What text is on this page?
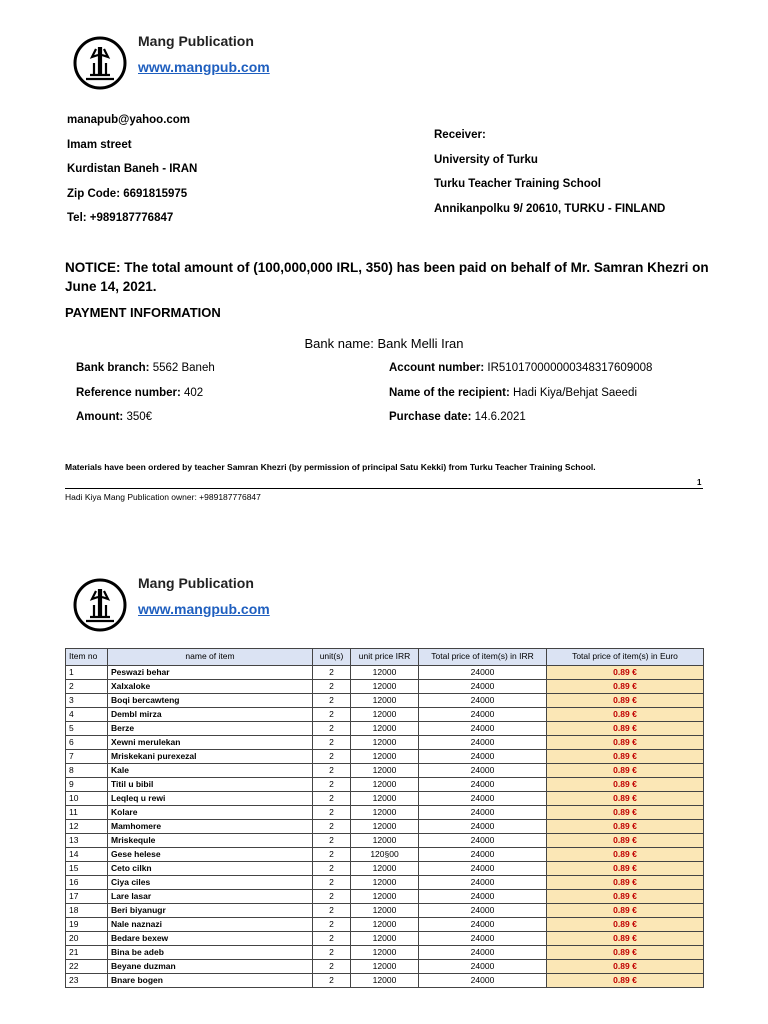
Mang Publication
www.mangpub.com
manapub@yahoo.com
Imam street
Kurdistan Baneh - IRAN
Zip Code: 6691815975
Tel: +989187776847
Receiver:
University of Turku
Turku Teacher Training School
Annikanpolku 9/ 20610, TURKU - FINLAND
NOTICE: The total amount of (100,000,000 IRL, 350) has been paid on behalf of Mr. Samran Khezri on June 14, 2021.
PAYMENT INFORMATION
Bank name: Bank Melli Iran
Bank branch: 5562 Baneh
Reference number: 402
Amount: 350€
Account number: IR510170000000348317609008
Name of the recipient: Hadi Kiya/Behjat Saeedi
Purchase date: 14.6.2021
Materials have been ordered by teacher Samran Khezri (by permission of principal Satu Kekki) from Turku Teacher Training School.
1
Hadi Kiya Mang Publication owner: +989187776847
Mang Publication
www.mangpub.com
Item no	name of item	unit(s)	unit price IRR	Total price of item(s) in IRR	Total price of item(s) in Euro
1	Peswazi behar	2	12000	24000	0.89 €
2	Xalxaloke	2	12000	24000	0.89 €
3	Boqi bercawteng	2	12000	24000	0.89 €
4	Dembl mirza	2	12000	24000	0.89 €
5	Berze	2	12000	24000	0.89 €
6	Xewni merulekan	2	12000	24000	0.89 €
7	Mriskekani purexezal	2	12000	24000	0.89 €
8	Kale	2	12000	24000	0.89 €
9	Titil u bibil	2	12000	24000	0.89 €
10	Leqleq u rewi	2	12000	24000	0.89 €
11	Kolare	2	12000	24000	0.89 €
12	Mamhomere	2	12000	24000	0.89 €
13	Mriskequle	2	12000	24000	0.89 €
14	Gese helese	2	120§00	24000	0.89 €
15	Ceto cilkn	2	12000	24000	0.89 €
16	Ciya ciles	2	12000	24000	0.89 €
17	Lare lasar	2	12000	24000	0.89 €
18	Beri biyanugr	2	12000	24000	0.89 €
19	Nale naznazi	2	12000	24000	0.89 €
20	Bedare bexew	2	12000	24000	0.89 €
21	Bina be adeb	2	12000	24000	0.89 €
22	Beyane duzman	2	12000	24000	0.89 €
23	Bnare bogen	2	12000	24000	0.89 €
